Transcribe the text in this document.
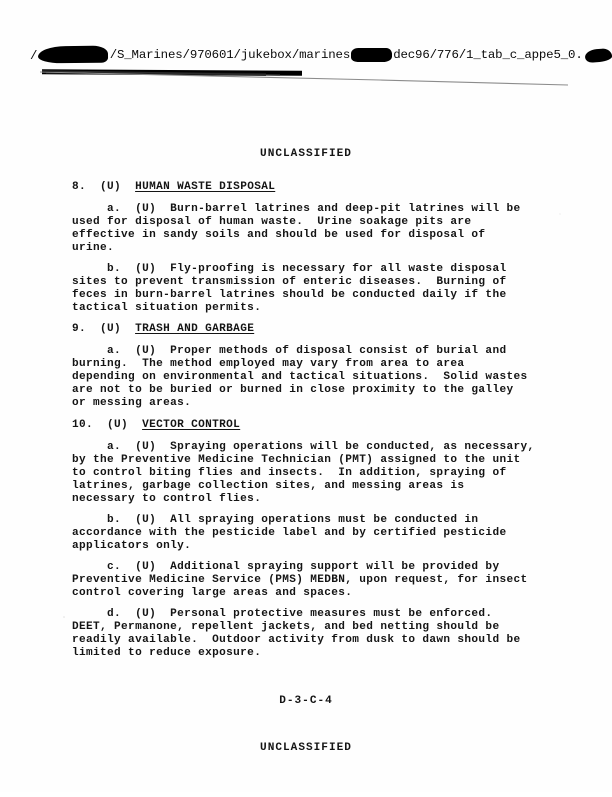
/	/S_Marines/970601/jukebox/marines	dec96/776/1_tab_c_appe5_0.
UNCLASSIFIED
8.  (U)  HUMAN WASTE DISPOSAL
a.  (U)  Burn-barrel latrines and deep-pit latrines will be
used for disposal of human waste.  Urine soakage pits are
effective in sandy soils and should be used for disposal of
urine.
b.  (U)  Fly-proofing is necessary for all waste disposal
sites to prevent transmission of enteric diseases.  Burning of
feces in burn-barrel latrines should be conducted daily if the
tactical situation permits.
9.  (U)  TRASH AND GARBAGE
a.  (U)  Proper methods of disposal consist of burial and
burning.  The method employed may vary from area to area
depending on environmental and tactical situations.  Solid wastes
are not to be buried or burned in close proximity to the galley
or messing areas.
10.  (U)  VECTOR CONTROL
a.  (U)  Spraying operations will be conducted, as necessary,
by the Preventive Medicine Technician (PMT) assigned to the unit
to control biting flies and insects.  In addition, spraying of
latrines, garbage collection sites, and messing areas is
necessary to control flies.
b.  (U)  All spraying operations must be conducted in
accordance with the pesticide label and by certified pesticide
applicators only.
c.  (U)  Additional spraying support will be provided by
Preventive Medicine Service (PMS) MEDBN, upon request, for insect
control covering large areas and spaces.
d.  (U)  Personal protective measures must be enforced.
DEET, Permanone, repellent jackets, and bed netting should be
readily available.  Outdoor activity from dusk to dawn should be
limited to reduce exposure.
D-3-C-4
UNCLASSIFIED
